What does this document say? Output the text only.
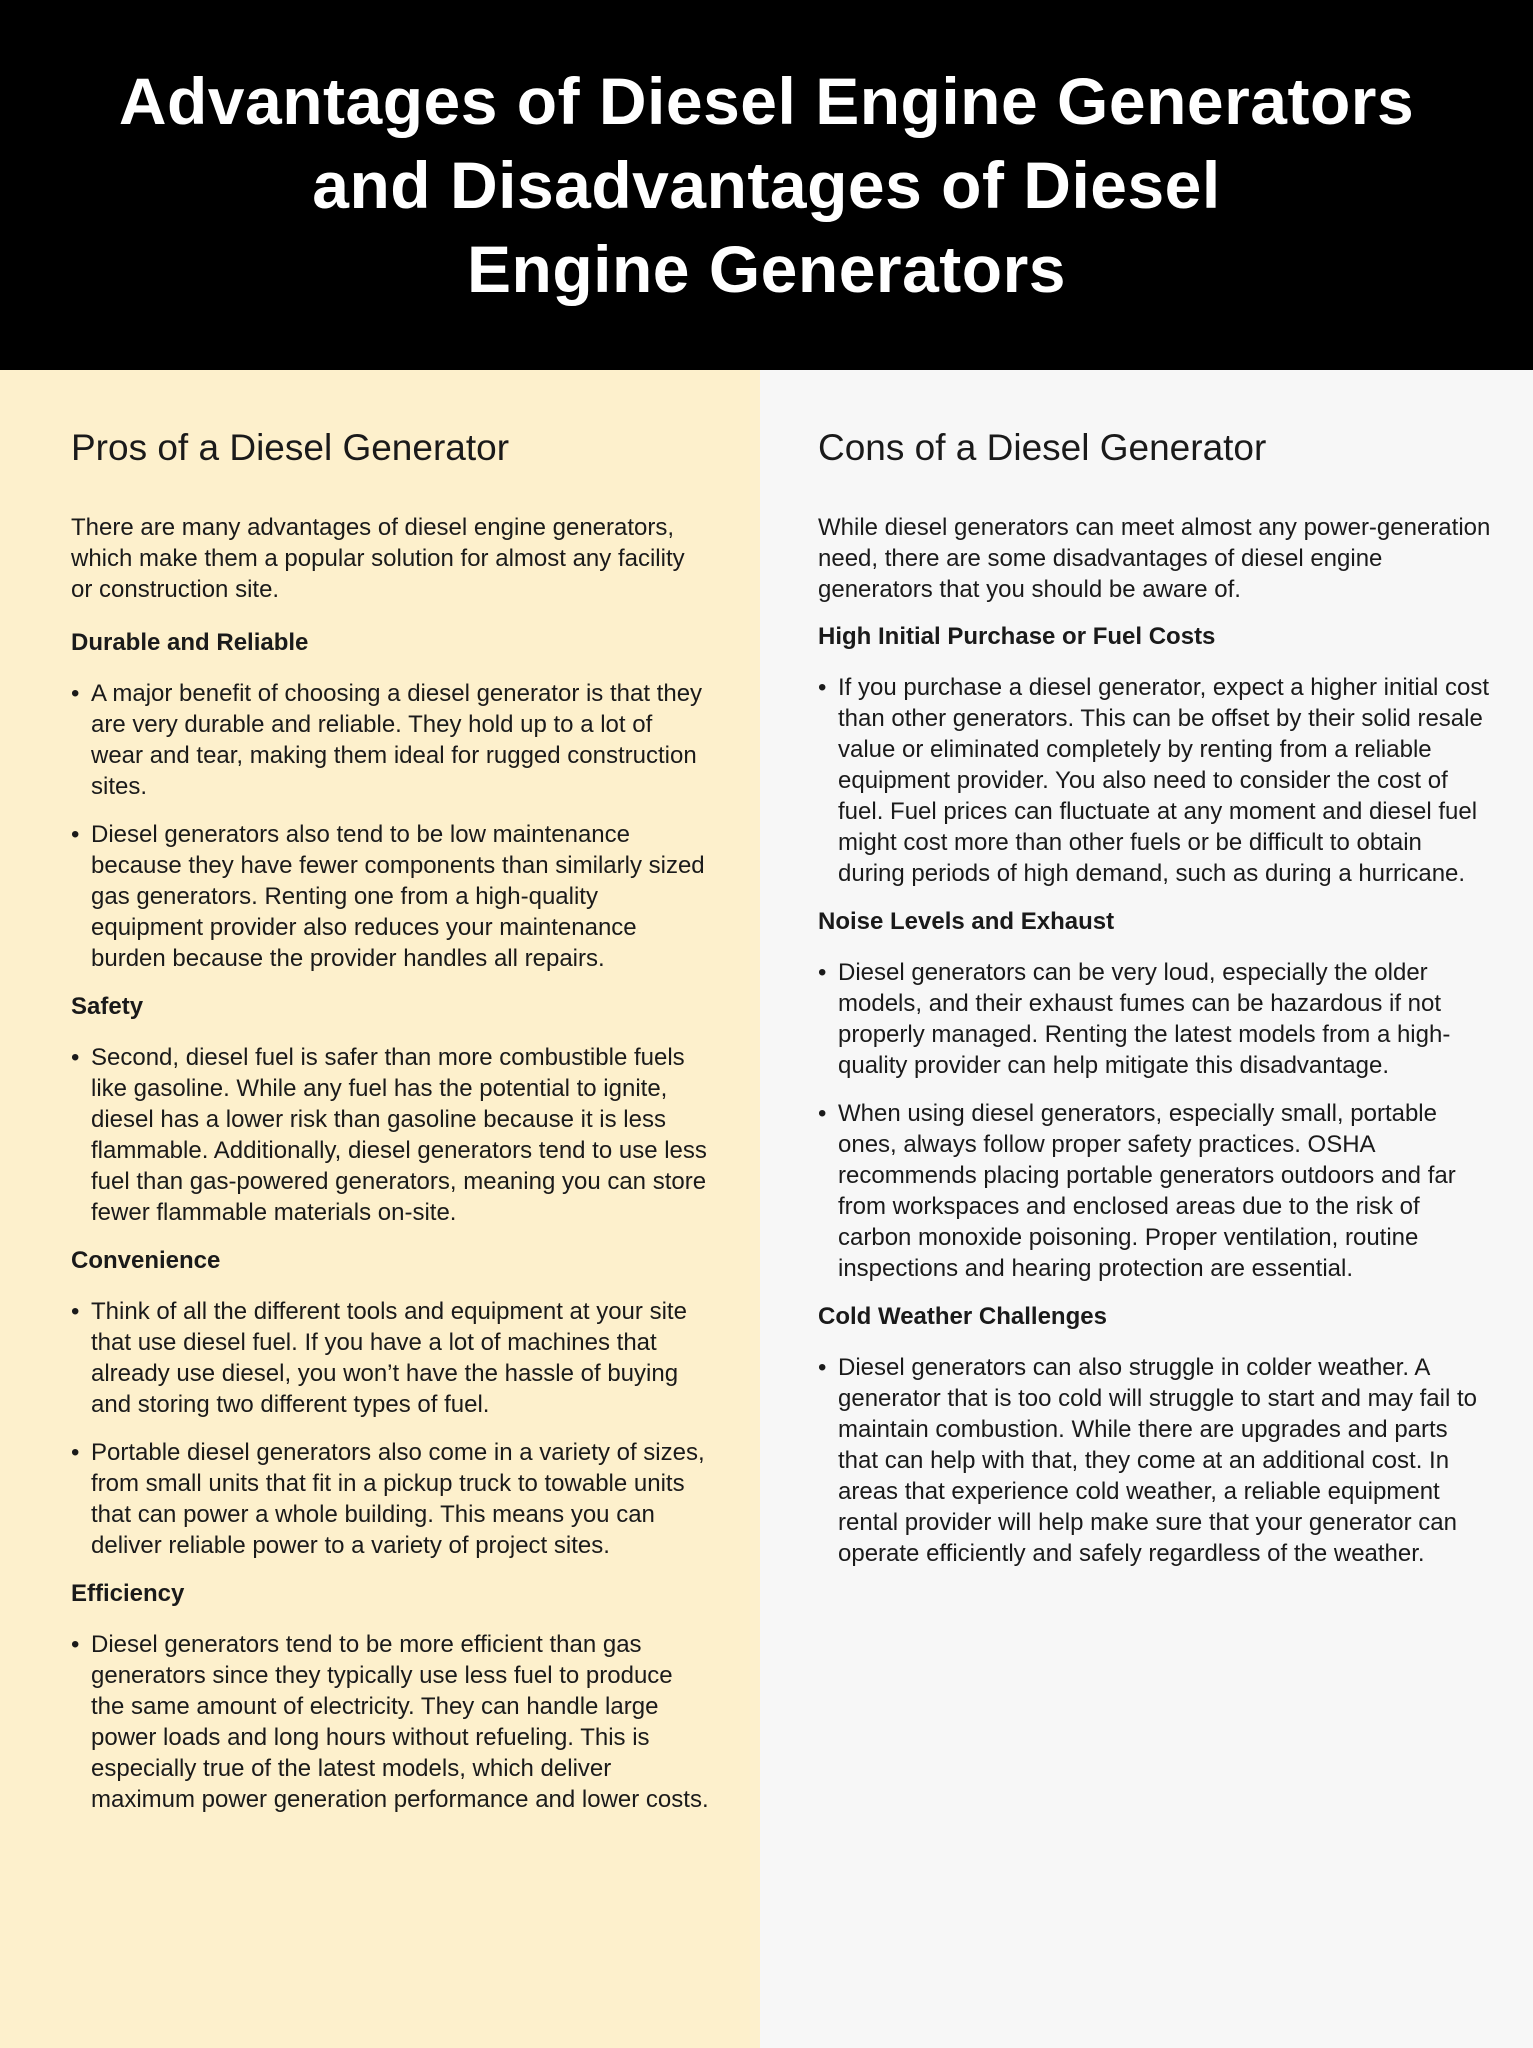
Advantages of Diesel Engine Generators
and Disadvantages of Diesel
Engine Generators
Pros of a Diesel Generator

There are many advantages of diesel engine generators, which make them a popular solution for almost any facility or construction site.

Durable and Reliable
• A major benefit of choosing a diesel generator is that they are very durable and reliable. They hold up to a lot of wear and tear, making them ideal for rugged construction sites.
• Diesel generators also tend to be low maintenance because they have fewer components than similarly sized gas generators. Renting one from a high-quality equipment provider also reduces your maintenance burden because the provider handles all repairs.
Safety
• Second, diesel fuel is safer than more combustible fuels like gasoline. While any fuel has the potential to ignite, diesel has a lower risk than gasoline because it is less flammable. Additionally, diesel generators tend to use less fuel than gas-powered generators, meaning you can store fewer flammable materials on-site.
Convenience
• Think of all the different tools and equipment at your site that use diesel fuel. If you have a lot of machines that already use diesel, you won’t have the hassle of buying and storing two different types of fuel.
• Portable diesel generators also come in a variety of sizes, from small units that fit in a pickup truck to towable units that can power a whole building. This means you can deliver reliable power to a variety of project sites.
Efficiency
• Diesel generators tend to be more efficient than gas generators since they typically use less fuel to produce the same amount of electricity. They can handle large power loads and long hours without refueling. This is especially true of the latest models, which deliver maximum power generation performance and lower costs.
Cons of a Diesel Generator

While diesel generators can meet almost any power-generation need, there are some disadvantages of diesel engine generators that you should be aware of.

High Initial Purchase or Fuel Costs
• If you purchase a diesel generator, expect a higher initial cost than other generators. This can be offset by their solid resale value or eliminated completely by renting from a reliable equipment provider. You also need to consider the cost of fuel. Fuel prices can fluctuate at any moment and diesel fuel might cost more than other fuels or be difficult to obtain during periods of high demand, such as during a hurricane.
Noise Levels and Exhaust
• Diesel generators can be very loud, especially the older models, and their exhaust fumes can be hazardous if not properly managed. Renting the latest models from a high-quality provider can help mitigate this disadvantage.
• When using diesel generators, especially small, portable ones, always follow proper safety practices. OSHA recommends placing portable generators outdoors and far from workspaces and enclosed areas due to the risk of carbon monoxide poisoning. Proper ventilation, routine inspections and hearing protection are essential.
Cold Weather Challenges
• Diesel generators can also struggle in colder weather. A generator that is too cold will struggle to start and may fail to maintain combustion. While there are upgrades and parts that can help with that, they come at an additional cost. In areas that experience cold weather, a reliable equipment rental provider will help make sure that your generator can operate efficiently and safely regardless of the weather.
